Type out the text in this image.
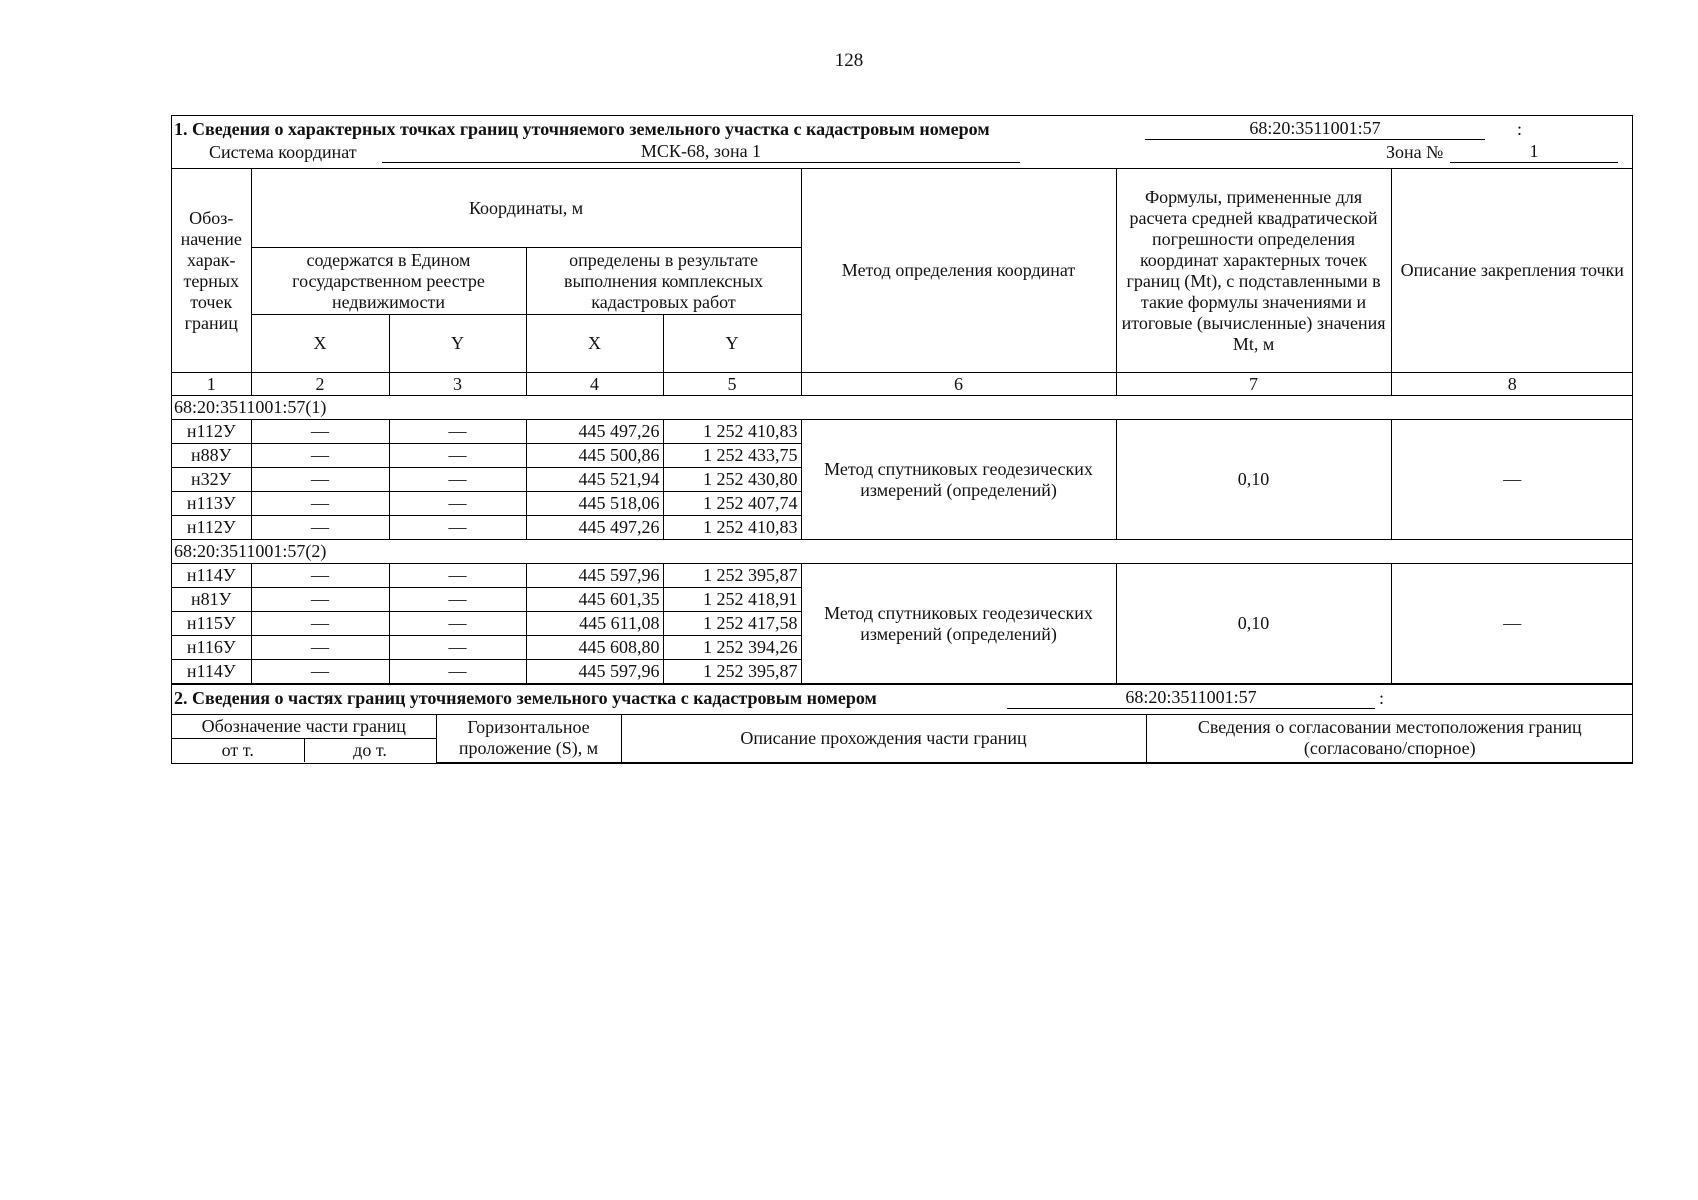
128
1. Сведения о характерных точках границ уточняемого земельного участка с кадастровым номером	68:20:3511001:57	:
Система координат	МСК-68, зона 1	Зона №	1
Обоз-начение харак-терных точек границ	Координаты, м				Метод определения координат	Формулы, примененные для расчета средней квадратической погрешности определения координат характерных точек границ (Mt), с подставленными в такие формулы значениями и итоговые (вычисленные) значения Mt, м	Описание закрепления точки
	содержатся в Едином государственном реестре недвижимости		определены в результате выполнения комплексных кадастровых работ				
	X	Y	X	Y			
1	2	3	4	5	6	7	8
68:20:3511001:57(1)							
н112У	—	—	445 497,26	1 252 410,83	Метод спутниковых геодезических измерений (определений)	0,10	—
н88У	—	—	445 500,86	1 252 433,75			
н32У	—	—	445 521,94	1 252 430,80			
н113У	—	—	445 518,06	1 252 407,74			
н112У	—	—	445 497,26	1 252 410,83			
68:20:3511001:57(2)							
н114У	—	—	445 597,96	1 252 395,87	Метод спутниковых геодезических измерений (определений)	0,10	—
н81У	—	—	445 601,35	1 252 418,91			
н115У	—	—	445 611,08	1 252 417,58			
н116У	—	—	445 608,80	1 252 394,26			
н114У	—	—	445 597,96	1 252 395,87			
2. Сведения о частях границ уточняемого земельного участка с кадастровым номером	68:20:3511001:57	:
Обозначение части границ		Горизонтальное проложение (S), м	Описание прохождения части границ	Сведения о согласовании местоположения границ (согласовано/спорное)
от т.	до т.			
